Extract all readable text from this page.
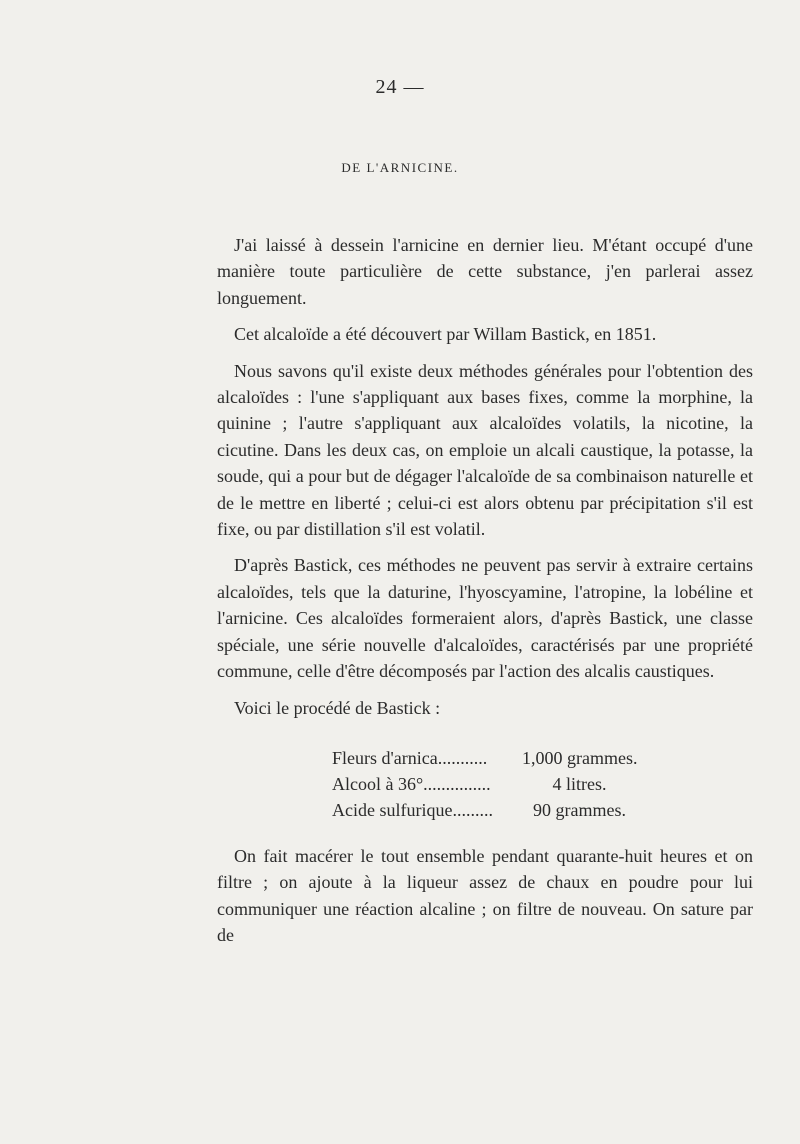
24 —
DE L'ARNICINE.

J'ai laissé à dessein l'arnicine en dernier lieu. M'étant occupé d'une manière toute particulière de cette substance, j'en parlerai assez longuement.

Cet alcaloïde a été découvert par Willam Bastick, en 1851.

Nous savons qu'il existe deux méthodes générales pour l'obtention des alcaloïdes : l'une s'appliquant aux bases fixes, comme la morphine, la quinine ; l'autre s'appliquant aux alcaloïdes volatils, la nicotine, la cicutine. Dans les deux cas, on emploie un alcali caustique, la potasse, la soude, qui a pour but de dégager l'alcaloïde de sa combinaison naturelle et de le mettre en liberté ; celui-ci est alors obtenu par précipitation s'il est fixe, ou par distillation s'il est volatil.

D'après Bastick, ces méthodes ne peuvent pas servir à extraire certains alcaloïdes, tels que la daturine, l'hyoscyamine, l'atropine, la lobéline et l'arnicine. Ces alcaloïdes formeraient alors, d'après Bastick, une classe spéciale, une série nouvelle d'alcaloïdes, caractérisés par une propriété commune, celle d'être décomposés par l'action des alcalis caustiques.

Voici le procédé de Bastick :

Fleurs d'arnica........... 1,000 grammes.
Alcool à 36°...............	4 litres.
Acide sulfurique.........	90 grammes.

On fait macérer le tout ensemble pendant quarante-huit heures et on filtre ; on ajoute à la liqueur assez de chaux en poudre pour lui communiquer une réaction alcaline ; on filtre de nouveau. On sature par de
